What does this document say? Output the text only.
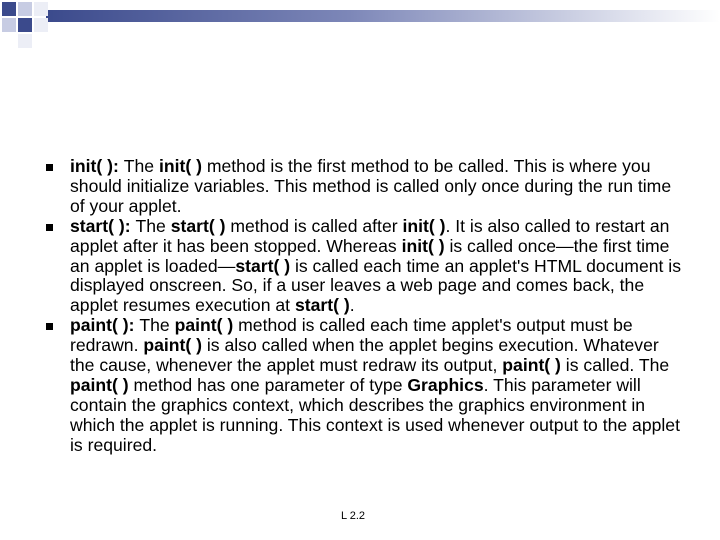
init( ): The init( ) method is the first method to be called. This is where you should initialize variables. This method is called only once during the run time of your applet.

start( ): The start( ) method is called after init( ). It is also called to restart an applet after it has been stopped. Whereas init( ) is called once—the first time an applet is loaded—start( ) is called each time an applet's HTML document is displayed onscreen. So, if a user leaves a web page and comes back, the applet resumes execution at start( ).

paint( ): The paint( ) method is called each time applet's output must be redrawn. paint( ) is also called when the applet begins execution. Whatever the cause, whenever the applet must redraw its output, paint( ) is called. The paint( ) method has one parameter of type Graphics. This parameter will contain the graphics context, which describes the graphics environment in which the applet is running. This context is used whenever output to the applet is required.

L 2.2
